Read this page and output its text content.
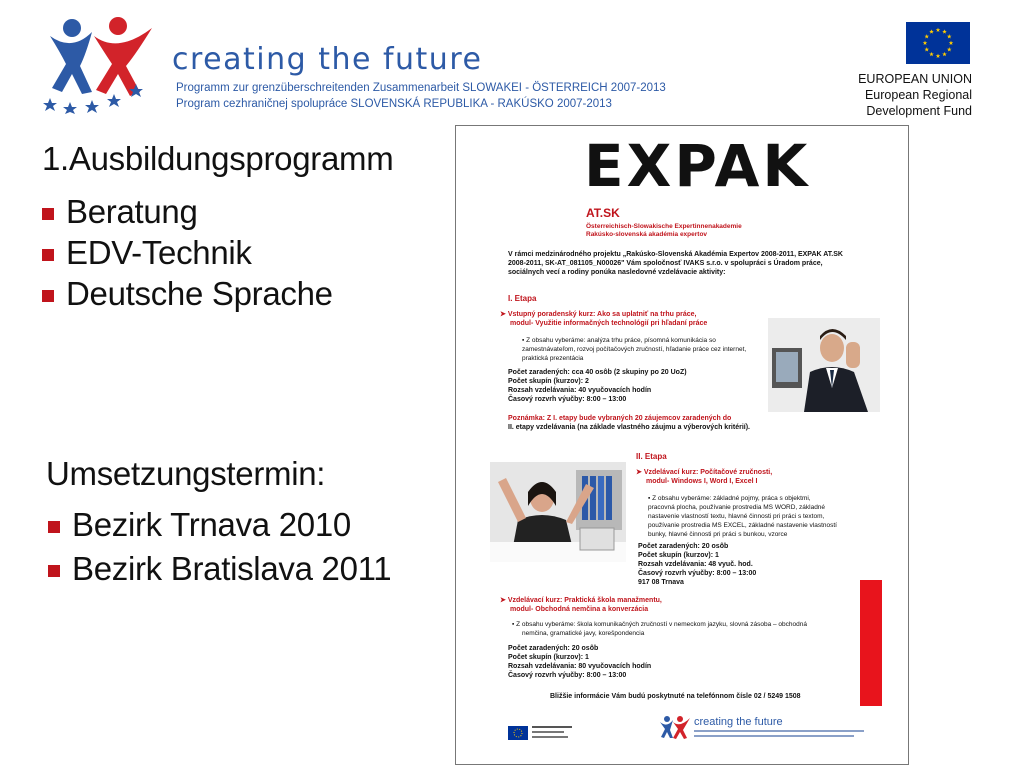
creating the future
Programm zur grenzüberschreitenden Zusammenarbeit SLOWAKEI - ÖSTERREICH 2007-2013
Program cezhraničnej spolupráce SLOVENSKÁ REPUBLIKA - RAKÚSKO 2007-2013
EUROPEAN UNION
European Regional
Development Fund
1.Ausbildungsprogramm
Beratung
EDV-Technik
Deutsche Sprache
Umsetzungstermin:
Bezirk Trnava 2010
Bezirk Bratislava 2011
EXPAK
AT.SK
Österreichisch-Slowakische Expertinnenakademie
Rakúsko-slovenská akadémia expertov

V rámci medzinárodného projektu „Rakúsko-Slovenská Akadémia Expertov 2008-2011, EXPAK AT.SK

2008-2011, SK-AT_081105_N00026" Vám spoločnosť IVAKS s.r.o. v spolupráci s Úradom práce,

sociálnych vecí a rodiny ponúka nasledovné vzdelávacie aktivity:

I. Etapa

➤ Vstupný poradenský kurz: Ako sa uplatniť na trhu práce,

modul- Využitie informačných technológií pri hľadaní práce

▪ Z obsahu vyberáme: analýza trhu práce, písomná komunikácia so

zamestnávateľom, rozvoj počítačových zručností, hľadanie práce cez internet,

praktická prezentácia

Počet zaradených: cca 40 osôb (2 skupiny po 20 UoZ)

Počet skupín (kurzov): 2

Rozsah vzdelávania: 40 vyučovacích hodín

Časový rozvrh výučby: 8:00 – 13:00

Poznámka: Z I. etapy bude vybraných 20 záujemcov zaradených do

II. etapy vzdelávania (na základe vlastného záujmu a výberových kritérií).

II. Etapa

➤ Vzdelávací kurz: Počítačové zručnosti,

modul- Windows I, Word I, Excel I

▪ Z obsahu vyberáme: základné pojmy, práca s objektmi,

pracovná plocha, používanie prostredia MS WORD, základné

nastavenie vlastností textu, hlavné činnosti pri práci s textom,

používanie prostredia MS EXCEL, základné nastavenie vlastností

bunky, hlavné činnosti pri práci s bunkou, vzorce

Počet zaradených: 20 osôb

Počet skupín (kurzov): 1

Rozsah vzdelávania: 48 vyuč. hod.

Časový rozvrh výučby: 8:00 – 13:00

917 08 Trnava

➤ Vzdelávací kurz: Praktická škola manažmentu,

modul- Obchodná nemčina a konverzácia

▪ Z obsahu vyberáme: škola komunikačných zručností v nemeckom jazyku, slovná zásoba – obchodná

nemčina, gramatické javy, korešpondencia

Počet zaradených: 20 osôb

Počet skupín (kurzov): 1

Rozsah vzdelávania: 80 vyučovacích hodín

Časový rozvrh výučby: 8:00 – 13:00

Bližšie informácie Vám budú poskytnuté na telefónnom čísle 02 / 5249 1508
creating the future
